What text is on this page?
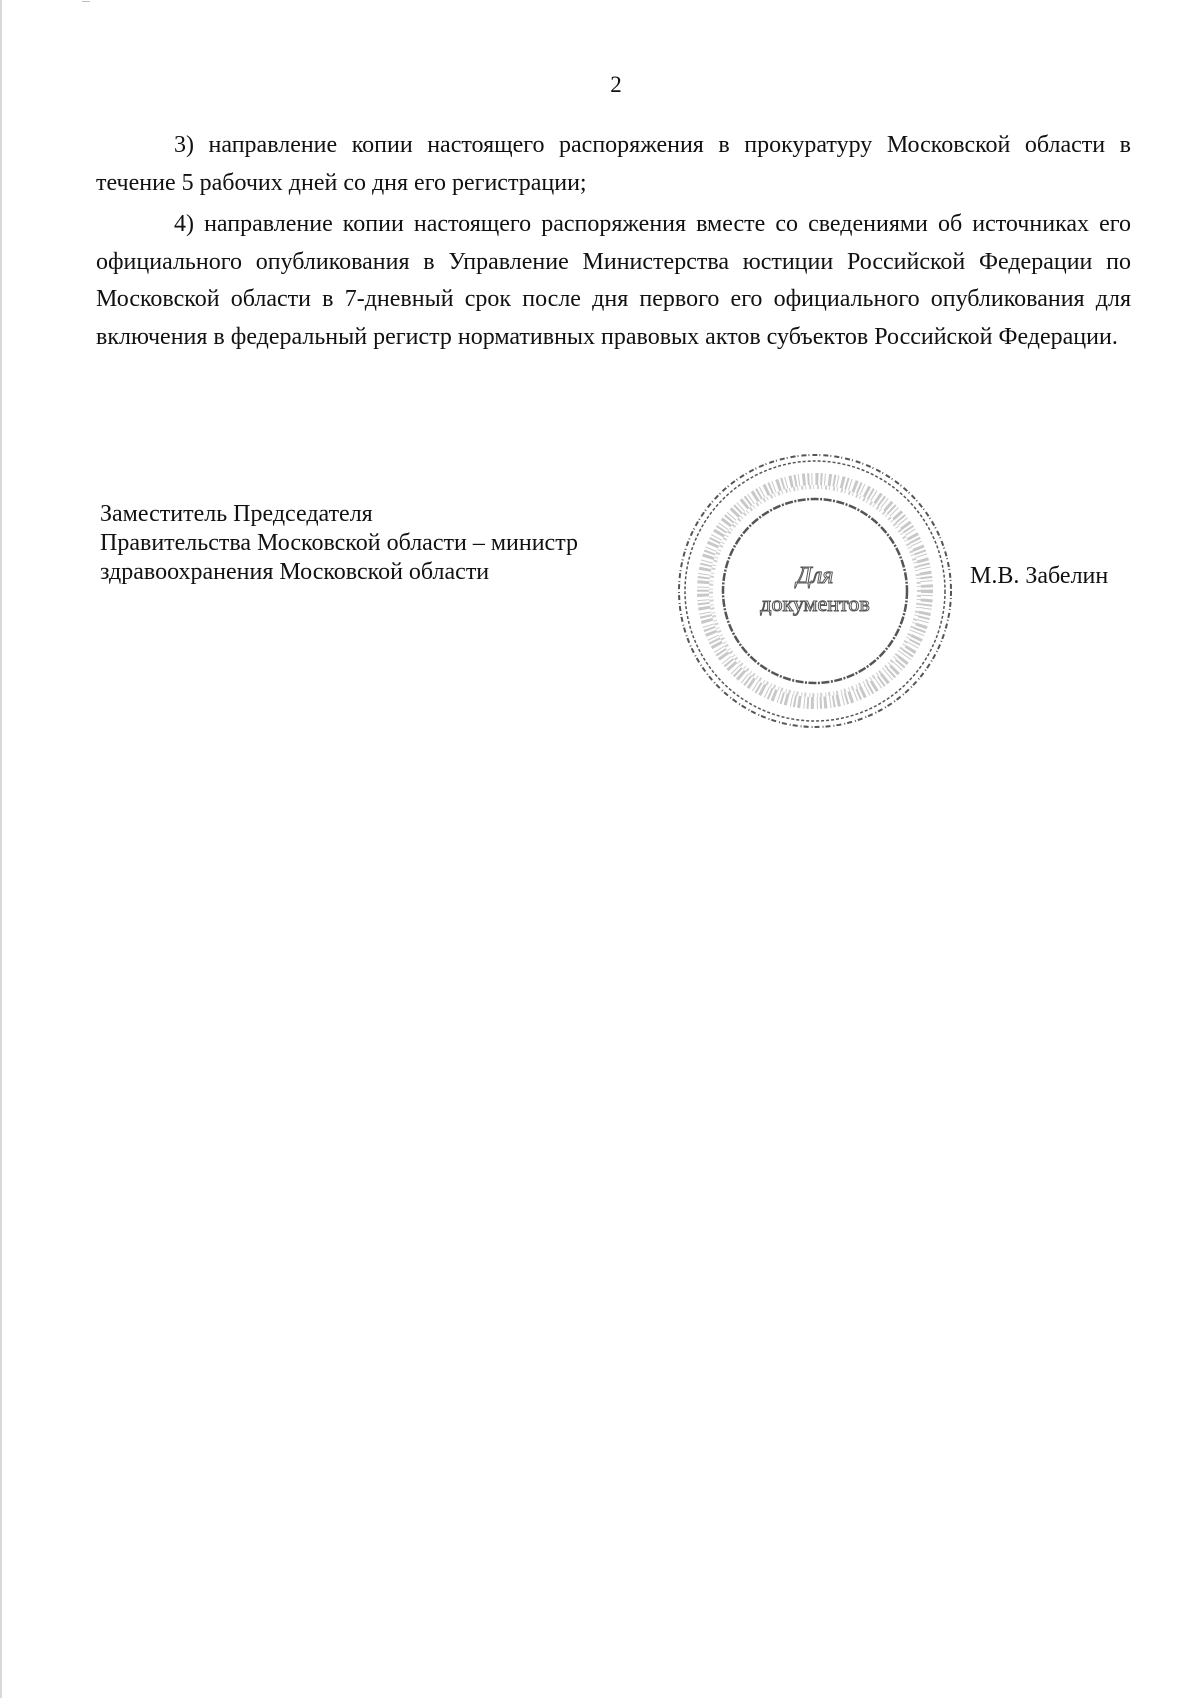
2

3) направление копии настоящего распоряжения в прокуратуру Московской области в течение 5 рабочих дней со дня его регистрации;

4) направление копии настоящего распоряжения вместе со сведениями об источниках его официального опубликования в Управление Министерства юстиции Российской Федерации по Московской области в 7-дневный срок после дня первого его официального опубликования для включения в федеральный регистр нормативных правовых актов субъектов Российской Федерации.

Заместитель Председателя
Правительства Московской области – министр
здравоохранения Московской области	М.В. Забелин
Для
документов
